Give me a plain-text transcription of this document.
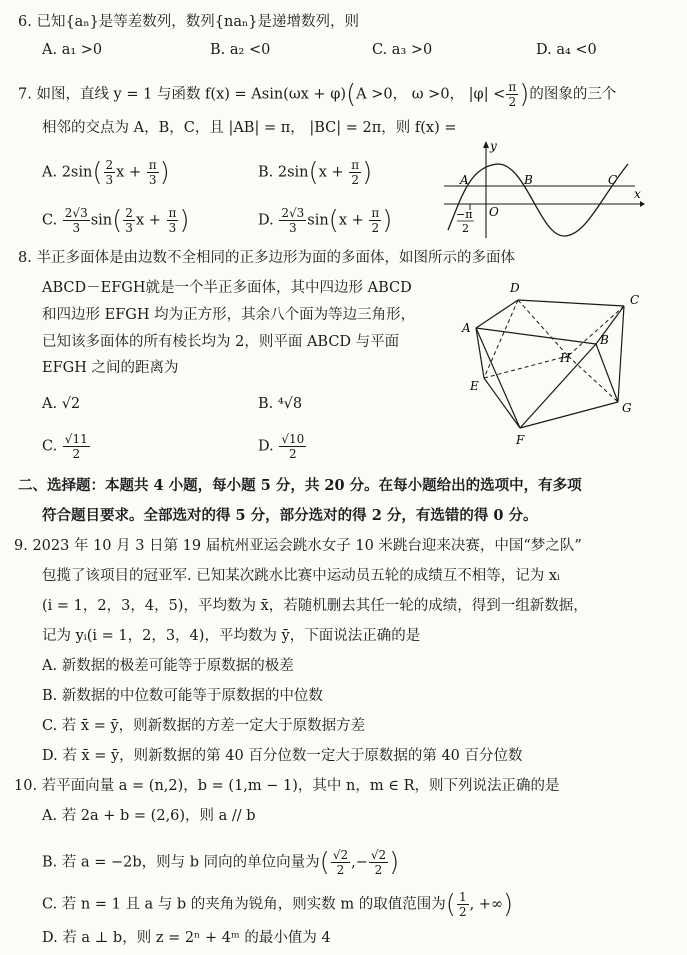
6. 已知{aₙ}是等差数列，数列{naₙ}是递增数列，则
A. a₁ >0	B. a₂ <0	C. a₃ >0	D. a₄ <0
7. 如图，直线 y = 1 与函数 f(x) = Asin(ωx + φ)(A >0， ω >0， $|\varphi| < \frac{\pi}{2}$ )的图象的三个
相邻的交点为 A，B，C，且 |AB| = π， |BC| = 2π，则 f(x) =
A. $2\sin( \frac{2}{3}$ $x + \frac{\pi}{3}$ )	B. $2\sin(x + \frac{\pi}{2}$ )
C. $\frac{2√3}{3} \sin( \frac{2}{3}$ $x + \frac{\pi}{3}$ )	D. $\frac{2√3}{3} \sin(x + \frac{\pi}{2}$ )
A	B	C
O
y
x
−π
2
8. 半正多面体是由边数不全相同的正多边形为面的多面体，如图所示的多面体
ABCD－EFGH就是一个半正多面体，其中四边形 ABCD
和四边形 EFGH 均为正方形，其余八个面为等边三角形，
已知该多面体的所有棱长均为 2，则平面 ABCD 与平面
EFGH 之间的距离为
A. √2	B. ⁴√8
C. $\frac{√11}{2}$	D. $\frac{√10}{2}$
A
B
C
D
E
F
G
H
二、选择题：本题共 4 小题，每小题 5 分，共 20 分。在每小题给出的选项中，有多项
符合题目要求。全部选对的得 5 分，部分选对的得 2 分，有选错的得 0 分。
9. 2023 年 10 月 3 日第 19 届杭州亚运会跳水女子 10 米跳台迎来决赛，中国“梦之队”
包揽了该项目的冠亚军. 已知某次跳水比赛中运动员五轮的成绩互不相等，记为 xᵢ
(i = 1，2，3，4，5)，平均数为 x̄，若随机删去其任一轮的成绩，得到一组新数据，
记为 yᵢ(i = 1，2，3，4)，平均数为 ȳ，下面说法正确的是
A. 新数据的极差可能等于原数据的极差
B. 新数据的中位数可能等于原数据的中位数
C. 若 x̄ = ȳ，则新数据的方差一定大于原数据方差
D. 若 x̄ = ȳ，则新数据的第 40 百分位数一定大于原数据的第 40 百分位数
10. 若平面向量 a = (n,2)，b = (1,m − 1)，其中 n，m ∈ R，则下列说法正确的是
A. 若 2a + b = (2,6)，则 a // b
B. 若 a = −2b，则与 b 同向的单位向量为( $\frac{√2}{2}$ ,− $\frac{√2}{2}$ )
C. 若 n = 1 且 a 与 b 的夹角为锐角，则实数 m 的取值范围为( $\frac{1}{2}$ , +∞)
D. 若 a ⊥ b，则 z = 2ⁿ + 4ᵐ 的最小值为 4
